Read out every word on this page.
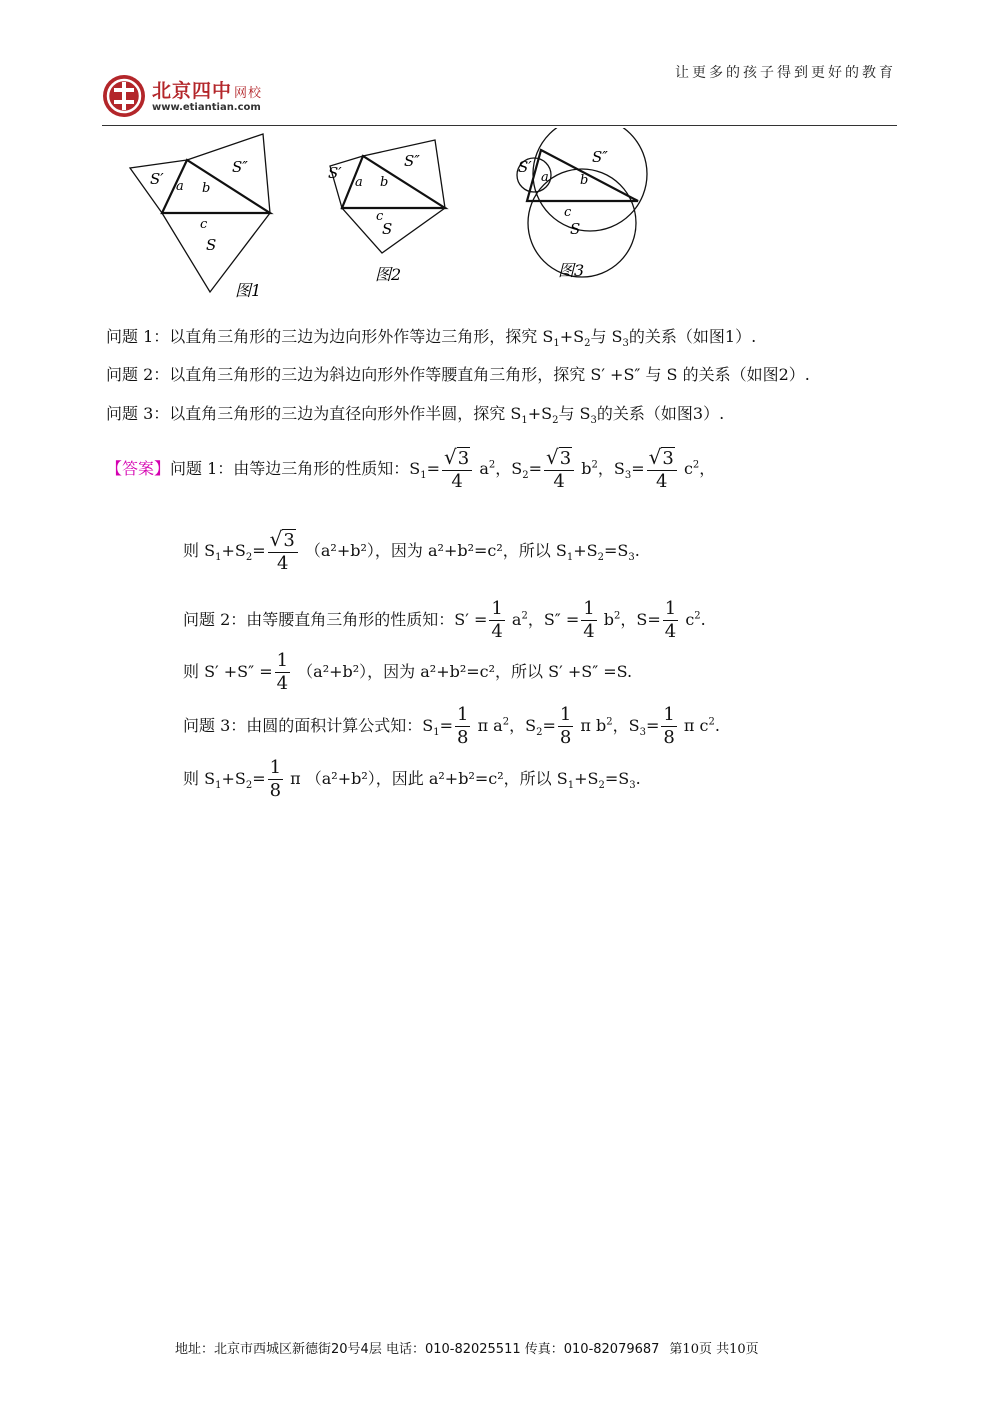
让更多的孩子得到更好的教育
北京四中 网校
www.etiantian.com
S′
S″
a b
c
S
图1
S′
S″
a b
c
S
图2
S′
S″
a b
c
S
图3
问题 1：以直角三角形的三边为边向形外作等边三角形，探究 $S_1+S_2$与 $S_3$的关系（如图1）.
问题 2：以直角三角形的三边为斜边向形外作等腰直角三角形，探究 S′ +S″ 与 S 的关系（如图2）.
问题 3：以直角三角形的三边为直径向形外作半圆，探究 $S_1+S_2$与 $S_3$的关系（如图3）.
【答案】问题 1：由等边三角形的性质知：$S_1= \frac{√3}{4} a^2$，$S_2= \frac{√3}{4} b^2$，$S_3= \frac{√3}{4} c^2$，
则 $S_1+S_2= \frac{√3}{4} (a^2+b^2)$，因为 a²+b²=c²，所以 $S_1+S_2=S_3$.
问题 2：由等腰直角三角形的性质知：$S' = \frac{1}{4} a^2$，$S'' = \frac{1}{4} b^2$，$S= \frac{1}{4} c^2$.
则 $S' +S'' = \frac{1}{4} (a^2+b^2)$，因为 a²+b²=c²，所以 S′ +S″ =S.
问题 3：由圆的面积计算公式知：$S_1= \frac{1}{8}$ π $a^2$，$S_2= \frac{1}{8}$ π $b^2$，$S_3= \frac{1}{8}$ π $c^2$.
则 $S_1+S_2= \frac{1}{8}$ π （a²+b²），因此 a²+b²=c²，所以 $S_1+S_2=S_3$.
地址：北京市西城区新德街20号4层 电话：010-82025511 传真：010-82079687 第10页 共10页
